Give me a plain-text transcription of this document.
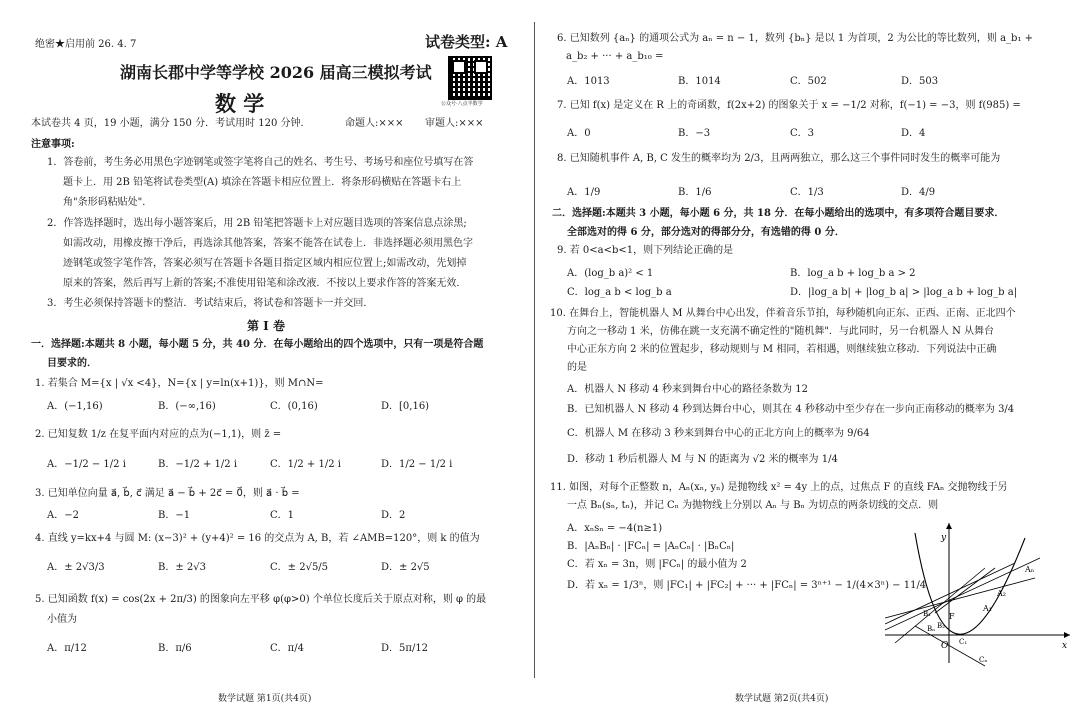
绝密★启用前 26. 4. 7	试卷类型: A
湖南长郡中学等学校 2026 届高三模拟考试
数 学	公众号·八点半数学
本试卷共 4 页，19 小题，满分 150 分．考试用时 120 分钟．	命题人:××× 审题人:×××
注意事项:
1．答卷前，考生务必用黑色字迹钢笔或签字笔将自己的姓名、考生号、考场号和座位号填写在答
题卡上．用 2B 铅笔将试卷类型(A) 填涂在答题卡相应位置上．将条形码横贴在答题卡右上
角"条形码粘贴处"．
2．作答选择题时，选出每小题答案后，用 2B 铅笔把答题卡上对应题目选项的答案信息点涂黑;
如需改动，用橡皮擦干净后，再选涂其他答案，答案不能答在试卷上．非选择题必须用黑色字
迹钢笔或签字笔作答，答案必须写在答题卡各题目指定区域内相应位置上;如需改动，先划掉
原来的答案，然后再写上新的答案;不准使用铅笔和涂改液．不按以上要求作答的答案无效．
3．考生必须保持答题卡的整洁．考试结束后，将试卷和答题卡一并交回．
第 Ⅰ 卷
一．选择题:本题共 8 小题，每小题 5 分，共 40 分．在每小题给出的四个选项中，只有一项是符合题
目要求的．
1. 若集合 M={x | √x <4}，N={x | y=ln(x+1)}，则 M∩N=
A．(−1,16)	B．(−∞,16)	C．(0,16)	D．[0,16)
2. 已知复数 1/z 在复平面内对应的点为(−1,1)，则 z̄ =
A．−1/2 − 1/2 i	B．−1/2 + 1/2 i	C．1/2 + 1/2 i	D．1/2 − 1/2 i
3. 已知单位向量 a⃗, b⃗, c⃗ 满足 a⃗ − b⃗ + 2c⃗ = 0⃗，则 a⃗ · b⃗ =
A．−2	B．−1	C．1	D．2
4. 直线 y=kx+4 与圆 M: (x−3)² + (y+4)² = 16 的交点为 A, B，若 ∠AMB=120°，则 k 的值为
A．± 2√3/3	B．± 2√3	C．± 2√5/5	D．± 2√5
5. 已知函数 f(x) = cos(2x + 2π/3) 的图象向左平移 φ(φ>0) 个单位长度后关于原点对称，则 φ 的最
小值为
A．π/12	B．π/6	C．π/4	D．5π/12
数学试题 第1页(共4页)
6. 已知数列 {aₙ} 的通项公式为 aₙ = n − 1，数列 {bₙ} 是以 1 为首项，2 为公比的等比数列，则 a_b₁ +
a_b₂ + ··· + a_b₁₀ =
A．1013	B．1014	C．502	D．503
7. 已知 f(x) 是定义在 R 上的奇函数，f(2x+2) 的图象关于 x = −1/2 对称，f(−1) = −3，则 f(985) =
A．0	B．−3	C．3	D．4
8. 已知随机事件 A, B, C 发生的概率均为 2/3，且两两独立，那么这三个事件同时发生的概率可能为
A．1/9	B．1/6	C．1/3	D．4/9
二．选择题:本题共 3 小题，每小题 6 分，共 18 分．在每小题给出的选项中，有多项符合题目要求．
全部选对的得 6 分，部分选对的得部分分，有选错的得 0 分．
9. 若 0<a<b<1，则下列结论正确的是
A．(log_b a)² < 1	B．log_a b + log_b a > 2
C．log_a b < log_b a	D．|log_a b| + |log_b a| > |log_a b + log_b a|
10. 在舞台上，智能机器人 M 从舞台中心出发，伴着音乐节拍，每秒随机向正东、正西、正南、正北四个
方向之一移动 1 米，仿佛在跳一支充满不确定性的"随机舞"．与此同时，另一台机器人 N 从舞台
中心正东方向 2 米的位置起步，移动规则与 M 相同，若相遇，则继续独立移动．下列说法中正确
的是
A．机器人 N 移动 4 秒来到舞台中心的路径条数为 12
B．已知机器人 N 移动 4 秒到达舞台中心，则其在 4 秒移动中至少存在一步向正南移动的概率为 3/4
C．机器人 M 在移动 3 秒来到舞台中心的正北方向上的概率为 9/64
D．移动 1 秒后机器人 M 与 N 的距离为 √2 米的概率为 1/4
11. 如图，对每个正整数 n，Aₙ(xₙ, yₙ) 是抛物线 x² = 4y 上的点，过焦点 F 的直线 FAₙ 交抛物线于另
一点 Bₙ(sₙ, tₙ)，并记 Cₙ 为抛物线上分别以 Aₙ 与 Bₙ 为切点的两条切线的交点．则
A．xₙsₙ = −4(n≥1)
B．|AₙBₙ| · |FCₙ| = |AₙCₙ| · |BₙCₙ|
C．若 xₙ = 3n，则 |FCₙ| 的最小值为 2
D．若 xₙ = 1/3ⁿ，则 |FC₁| + |FC₂| + ··· + |FCₙ| = 3ⁿ⁺¹ − 1/(4×3ⁿ) − 11/4
y
x
O
F
Aₙ
A₂
A₁
B₁
B₂
Bₙ
C₁
Cₙ
数学试题 第2页(共4页)
